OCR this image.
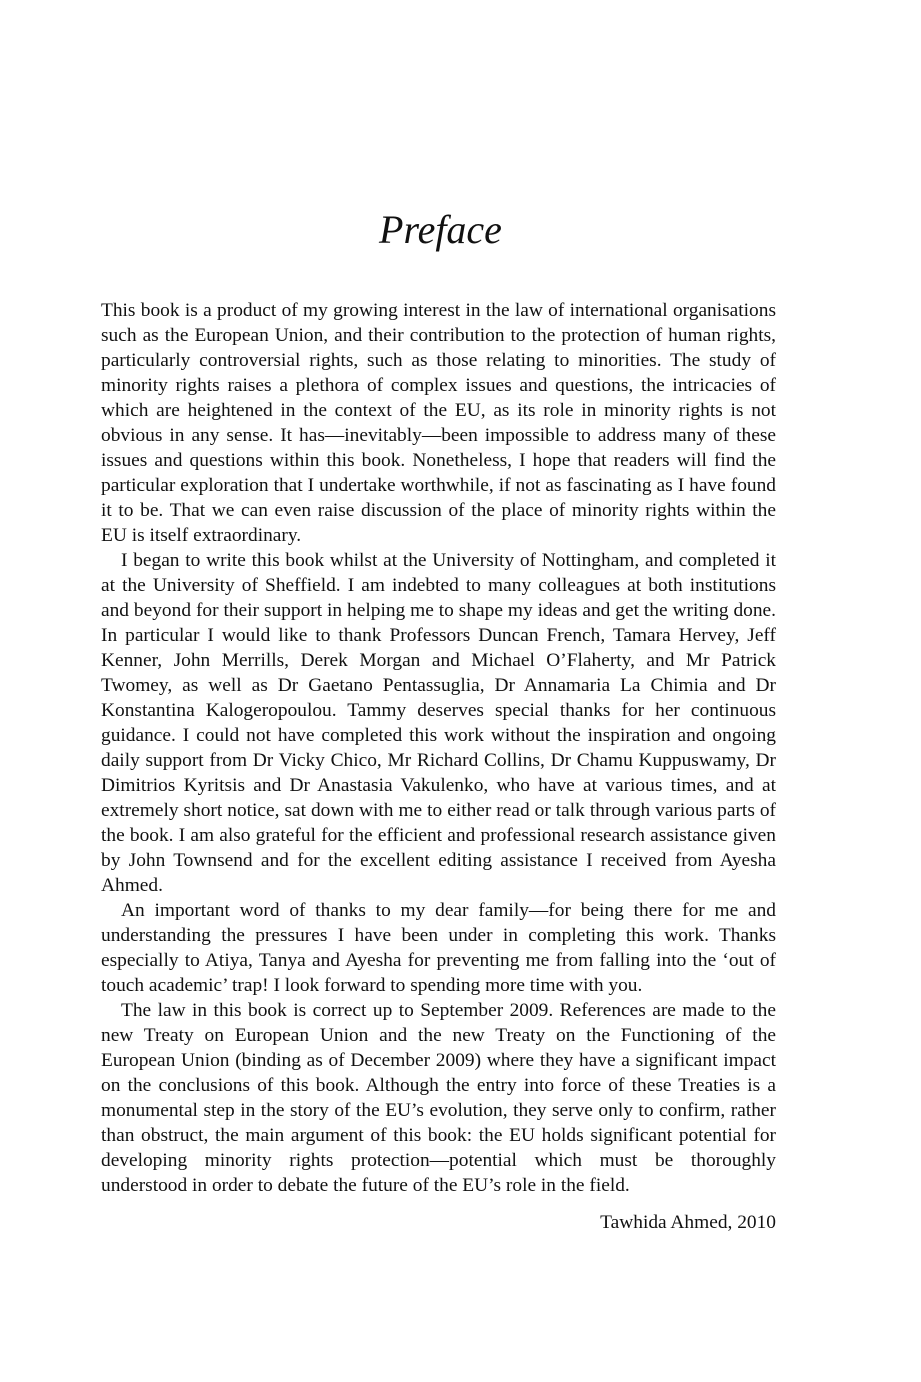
Preface

This book is a product of my growing interest in the law of international organisations such as the European Union, and their contribution to the protection of human rights, particularly controversial rights, such as those relating to minorities. The study of minority rights raises a plethora of complex issues and questions, the intricacies of which are heightened in the context of the EU, as its role in minority rights is not obvious in any sense. It has—inevitably—been impossible to address many of these issues and questions within this book. Nonetheless, I hope that readers will find the particular exploration that I undertake worthwhile, if not as fascinating as I have found it to be. That we can even raise discussion of the place of minority rights within the EU is itself extraordinary.

I began to write this book whilst at the University of Nottingham, and completed it at the University of Sheffield. I am indebted to many colleagues at both institutions and beyond for their support in helping me to shape my ideas and get the writing done. In particular I would like to thank Professors Duncan French, Tamara Hervey, Jeff Kenner, John Merrills, Derek Morgan and Michael O’Flaherty, and Mr Patrick Twomey, as well as Dr Gaetano Pentassuglia, Dr Annamaria La Chimia and Dr Konstantina Kalogeropoulou. Tammy deserves special thanks for her continuous guidance. I could not have completed this work without the inspiration and ongoing daily support from Dr Vicky Chico, Mr Richard Collins, Dr Chamu Kuppuswamy, Dr Dimitrios Kyritsis and Dr Anastasia Vakulenko, who have at various times, and at extremely short notice, sat down with me to either read or talk through various parts of the book. I am also grateful for the efficient and professional research assistance given by John Townsend and for the excellent editing assistance I received from Ayesha Ahmed.

An important word of thanks to my dear family—for being there for me and understanding the pressures I have been under in completing this work. Thanks especially to Atiya, Tanya and Ayesha for preventing me from falling into the ‘out of touch academic’ trap! I look forward to spending more time with you.

The law in this book is correct up to September 2009. References are made to the new Treaty on European Union and the new Treaty on the Functioning of the European Union (binding as of December 2009) where they have a significant impact on the conclusions of this book. Although the entry into force of these Treaties is a monumental step in the story of the EU’s evolution, they serve only to confirm, rather than obstruct, the main argument of this book: the EU holds significant potential for developing minority rights protection—potential which must be thoroughly understood in order to debate the future of the EU’s role in the field.

Tawhida Ahmed, 2010
